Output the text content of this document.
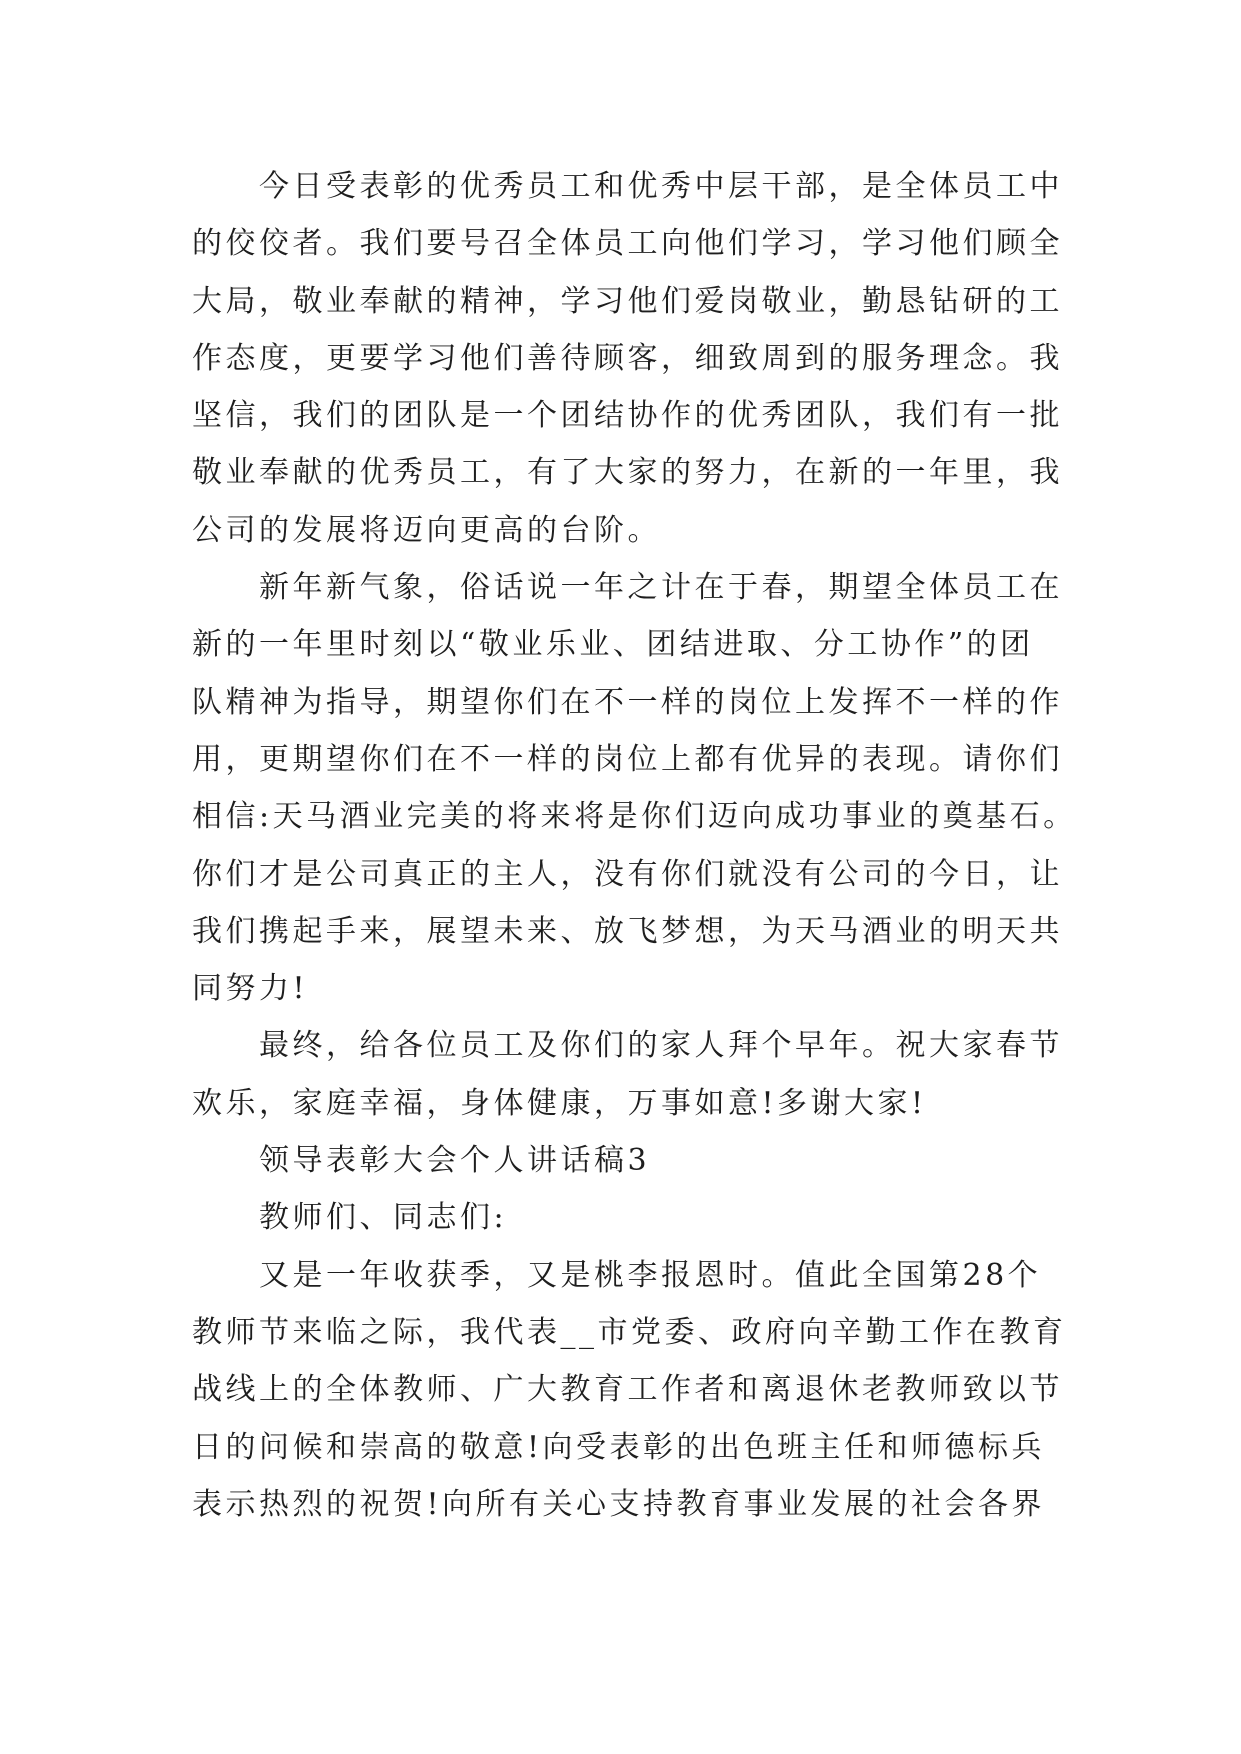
今日受表彰的优秀员工和优秀中层干部，是全体员工中
的佼佼者。我们要号召全体员工向他们学习，学习他们顾全
大局，敬业奉献的精神，学习他们爱岗敬业，勤恳钻研的工
作态度，更要学习他们善待顾客，细致周到的服务理念。我
坚信，我们的团队是一个团结协作的优秀团队，我们有一批
敬业奉献的优秀员工，有了大家的努力，在新的一年里，我
公司的发展将迈向更高的台阶。
新年新气象，俗话说一年之计在于春，期望全体员工在
新的一年里时刻以“敬业乐业、团结进取、分工协作”的团
队精神为指导，期望你们在不一样的岗位上发挥不一样的作
用，更期望你们在不一样的岗位上都有优异的表现。请你们
相信:天马酒业完美的将来将是你们迈向成功事业的奠基石。
你们才是公司真正的主人，没有你们就没有公司的今日，让
我们携起手来，展望未来、放飞梦想，为天马酒业的明天共
同努力!
最终，给各位员工及你们的家人拜个早年。祝大家春节
欢乐，家庭幸福，身体健康，万事如意!多谢大家!
领导表彰大会个人讲话稿3
教师们、同志们:
又是一年收获季，又是桃李报恩时。值此全国第28个
教师节来临之际，我代表__市党委、政府向辛勤工作在教育
战线上的全体教师、广大教育工作者和离退休老教师致以节
日的问候和崇高的敬意!向受表彰的出色班主任和师德标兵
表示热烈的祝贺!向所有关心支持教育事业发展的社会各界
